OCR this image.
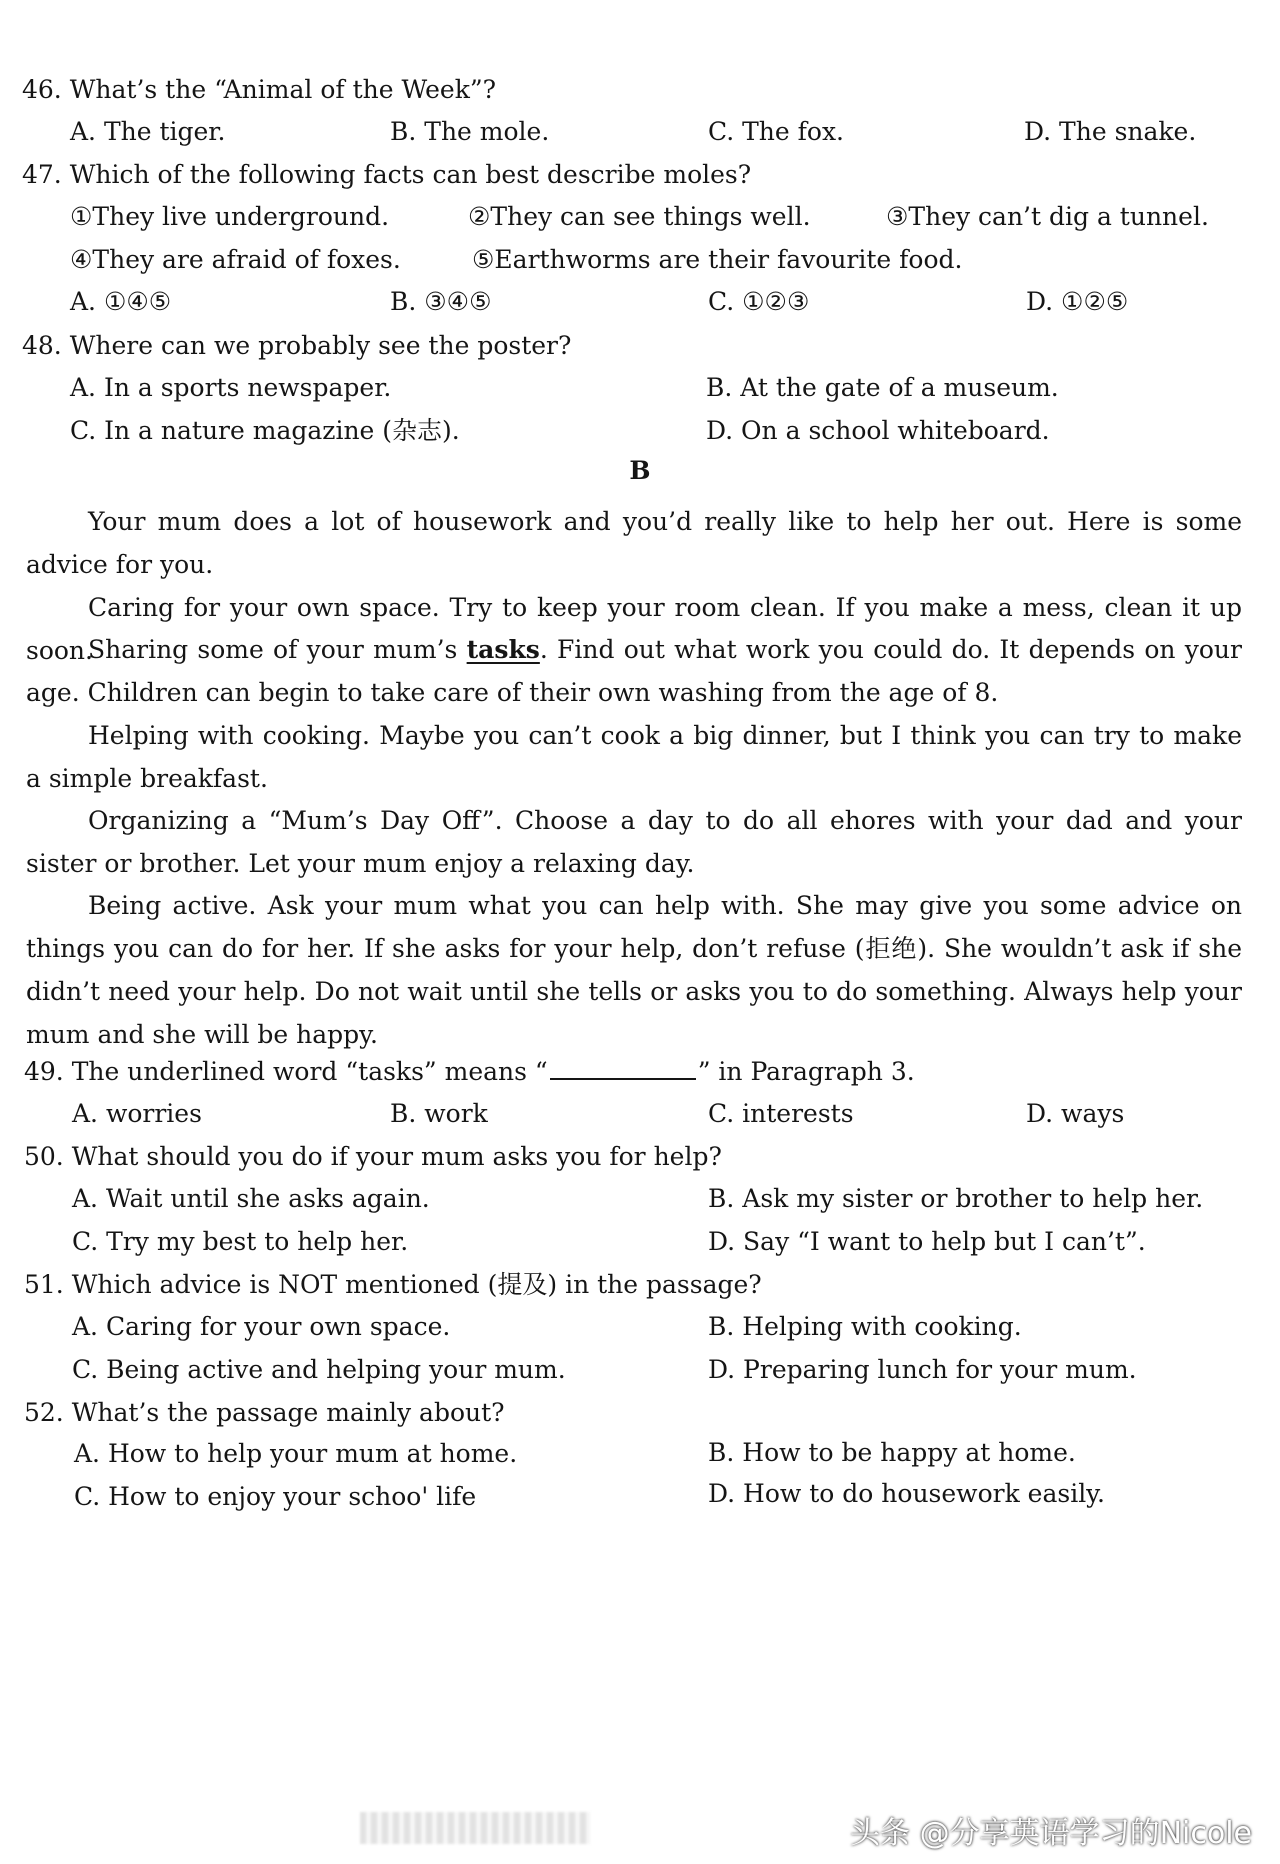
46. What’s the “Animal of the Week”?
A. The tiger.	B. The mole.	C. The fox.	D. The snake.
47. Which of the following facts can best describe moles?
①They live underground.	②They can see things well.	③They can’t dig a tunnel.
④They are afraid of foxes.	⑤Earthworms are their favourite food.
A. ①④⑤	B. ③④⑤	C. ①②③	D. ①②⑤
48. Where can we probably see the poster?
A. In a sports newspaper.	B. At the gate of a museum.
C. In a nature magazine (杂志).	D. On a school whiteboard.
B
Your mum does a lot of housework and you’d really like to help her out. Here is some advice for you.
Caring for your own space. Try to keep your room clean. If you make a mess, clean it up soon.
Sharing some of your mum’s tasks. Find out what work you could do. It depends on your age. Children can begin to take care of their own washing from the age of 8.
Helping with cooking. Maybe you can’t cook a big dinner, but I think you can try to make a simple breakfast.
Organizing a “Mum’s Day Off”. Choose a day to do all ehores with your dad and your sister or brother. Let your mum enjoy a relaxing day.
Being active. Ask your mum what you can help with. She may give you some advice on things you can do for her. If she asks for your help, don’t refuse (拒绝). She wouldn’t ask if she didn’t need your help. Do not wait until she tells or asks you to do something. Always help your mum and she will be happy.
49. The underlined word “tasks” means “	” in Paragraph 3.
A. worries	B. work	C. interests	D. ways
50. What should you do if your mum asks you for help?
A. Wait until she asks again.	B. Ask my sister or brother to help her.
C. Try my best to help her.	D. Say “I want to help but I can’t”.
51. Which advice is NOT mentioned (提及) in the passage?
A. Caring for your own space.	B. Helping with cooking.
C. Being active and helping your mum.	D. Preparing lunch for your mum.
52. What’s the passage mainly about?
A. How to help your mum at home.	B. How to be happy at home.
C. How to enjoy your schoo' life	D. How to do housework easily.
头条 @分享英语学习的Nicole
